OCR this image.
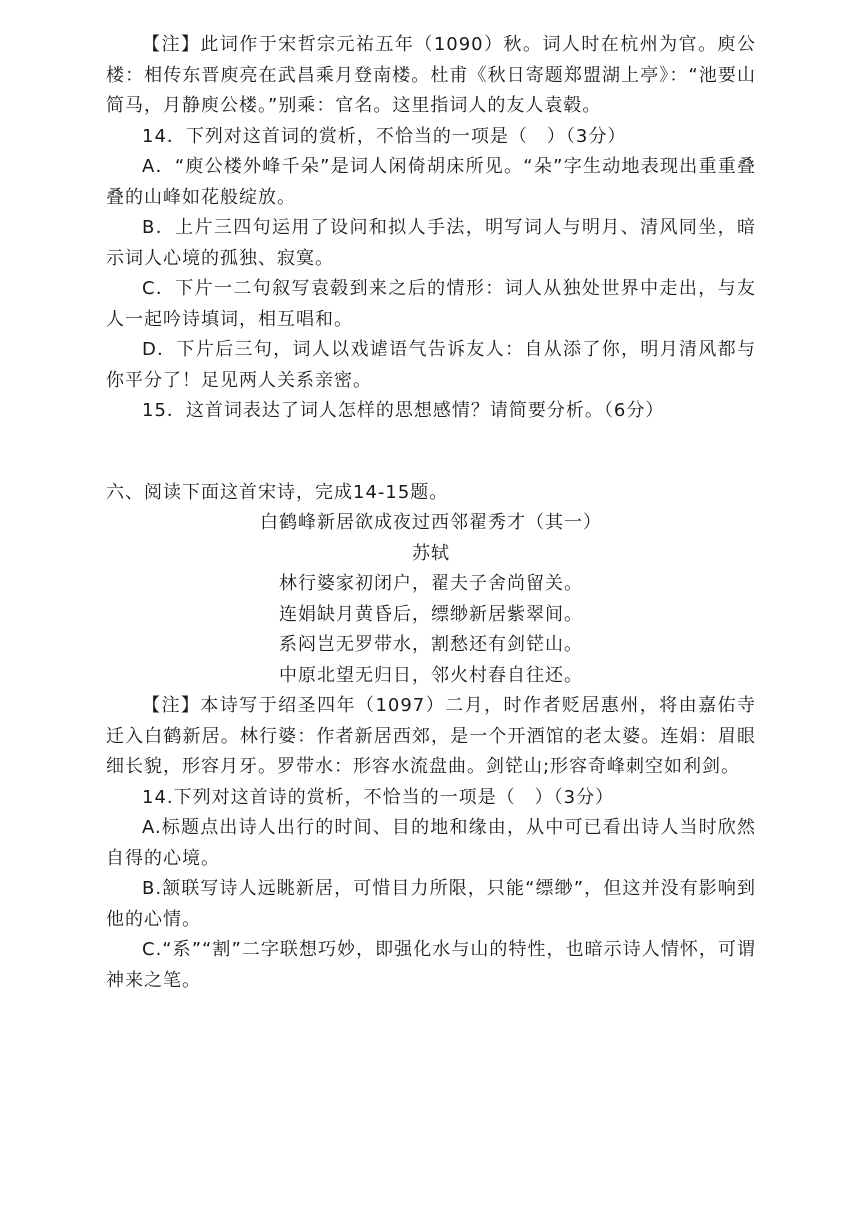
【注】此词作于宋哲宗元祐五年（1090）秋。词人时在杭州为官。庾公楼：相传东晋庾亮在武昌乘月登南楼。杜甫《秋日寄题郑盟湖上亭》：“池要山简马，月静庾公楼。”别乘：官名。这里指词人的友人袁毂。

14．下列对这首词的赏析，不恰当的一项是（　）（3分）

A．“庾公楼外峰千朵”是词人闲倚胡床所见。“朵”字生动地表现出重重叠叠的山峰如花般绽放。

B．上片三四句运用了设问和拟人手法，明写词人与明月、清风同坐，暗示词人心境的孤独、寂寞。

C．下片一二句叙写袁毂到来之后的情形：词人从独处世界中走出，与友人一起吟诗填词，相互唱和。

D．下片后三句，词人以戏谑语气告诉友人：自从添了你，明月清风都与你平分了！足见两人关系亲密。

15．这首词表达了词人怎样的思想感情？请简要分析。（6分）

六、阅读下面这首宋诗，完成14-15题。

白鹤峰新居欲成夜过西邻翟秀才（其一）

苏轼

林行婆家初闭户，翟夫子舍尚留关。

连娟缺月黄昏后，缥缈新居紫翠间。

系闷岂无罗带水，割愁还有剑铓山。

中原北望无归日，邻火村舂自往还。

【注】本诗写于绍圣四年（1097）二月，时作者贬居惠州，将由嘉佑寺迁入白鹤新居。林行婆：作者新居西郊，是一个开酒馆的老太婆。连娟：眉眼细长貌，形容月牙。罗带水：形容水流盘曲。剑铓山;形容奇峰刺空如利剑。

14.下列对这首诗的赏析，不恰当的一项是（　）（3分）

A.标题点出诗人出行的时间、目的地和缘由，从中可已看出诗人当时欣然自得的心境。

B.颔联写诗人远眺新居，可惜目力所限，只能“缥缈”，但这并没有影响到他的心情。

C.“系”“割”二字联想巧妙，即强化水与山的特性，也暗示诗人情怀，可谓神来之笔。
